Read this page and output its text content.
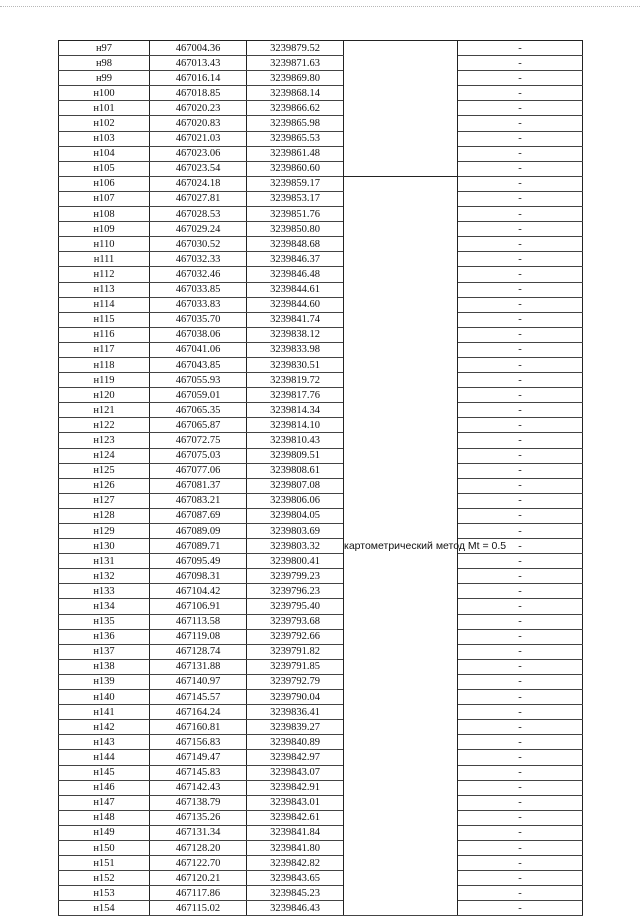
н97	467004.36	3239879.52		-
н98	467013.43	3239871.63		-
н99	467016.14	3239869.80		-
н100	467018.85	3239868.14		-
н101	467020.23	3239866.62		-
н102	467020.83	3239865.98		-
н103	467021.03	3239865.53		-
н104	467023.06	3239861.48		-
н105	467023.54	3239860.60		-
н106	467024.18	3239859.17	картометрический метод Mt = 0.5	-
н107	467027.81	3239853.17		-
н108	467028.53	3239851.76		-
н109	467029.24	3239850.80		-
н110	467030.52	3239848.68		-
н111	467032.33	3239846.37		-
н112	467032.46	3239846.48		-
н113	467033.85	3239844.61		-
н114	467033.83	3239844.60		-
н115	467035.70	3239841.74		-
н116	467038.06	3239838.12		-
н117	467041.06	3239833.98		-
н118	467043.85	3239830.51		-
н119	467055.93	3239819.72		-
н120	467059.01	3239817.76		-
н121	467065.35	3239814.34		-
н122	467065.87	3239814.10		-
н123	467072.75	3239810.43		-
н124	467075.03	3239809.51		-
н125	467077.06	3239808.61		-
н126	467081.37	3239807.08		-
н127	467083.21	3239806.06		-
н128	467087.69	3239804.05		-
н129	467089.09	3239803.69		-
н130	467089.71	3239803.32		-
н131	467095.49	3239800.41		-
н132	467098.31	3239799.23		-
н133	467104.42	3239796.23		-
н134	467106.91	3239795.40		-
н135	467113.58	3239793.68		-
н136	467119.08	3239792.66		-
н137	467128.74	3239791.82		-
н138	467131.88	3239791.85		-
н139	467140.97	3239792.79		-
н140	467145.57	3239790.04		-
н141	467164.24	3239836.41		-
н142	467160.81	3239839.27		-
н143	467156.83	3239840.89		-
н144	467149.47	3239842.97		-
н145	467145.83	3239843.07		-
н146	467142.43	3239842.91		-
н147	467138.79	3239843.01		-
н148	467135.26	3239842.61		-
н149	467131.34	3239841.84		-
н150	467128.20	3239841.80		-
н151	467122.70	3239842.82		-
н152	467120.21	3239843.65		-
н153	467117.86	3239845.23		-
н154	467115.02	3239846.43		-
